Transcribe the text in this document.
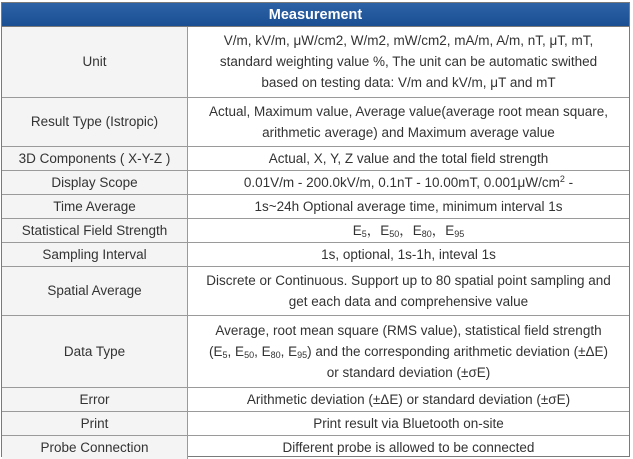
Measurement
Unit	V/m, kV/m, μW/cm2, W/m2, mW/cm2, mA/m, A/m, nT, μT, mT,
standard weighting value %, The unit can be automatic swithed
based on testing data: V/m and kV/m, μT and mT

Result Type (Istropic)	Actual, Maximum value, Average value(average root mean square,
arithmetic average) and Maximum average value

3D Components ( X-Y-Z )	Actual, X, Y, Z value and the total field strength

Display Scope	0.01V/m - 200.0kV/m, 0.1nT - 10.00mT, $0.001\mu W/cm^2$ -
Time Average	1s~24h Optional average time, minimum interval 1s

Statistical Field Strength	$E_5$，$E_{50}$，$E_{80}$，$E_{95}$
Sampling Interval	1s, optional, 1s-1h, inteval 1s

Spatial Average	Discrete or Continuous. Support up to 80 spatial point sampling and
get each data and comprehensive value

Data Type	Average, root mean square (RMS value), statistical field strength
($E_5$, $E_{50}$, $E_{80}$, $E_{95}$) and the corresponding arithmetic deviation (±ΔE)
or standard deviation (±σE)

Error	Arithmetic deviation (±ΔE) or standard deviation (±σE)

Print	Print result via Bluetooth on-site

Probe Connection	Different probe is allowed to be connected
